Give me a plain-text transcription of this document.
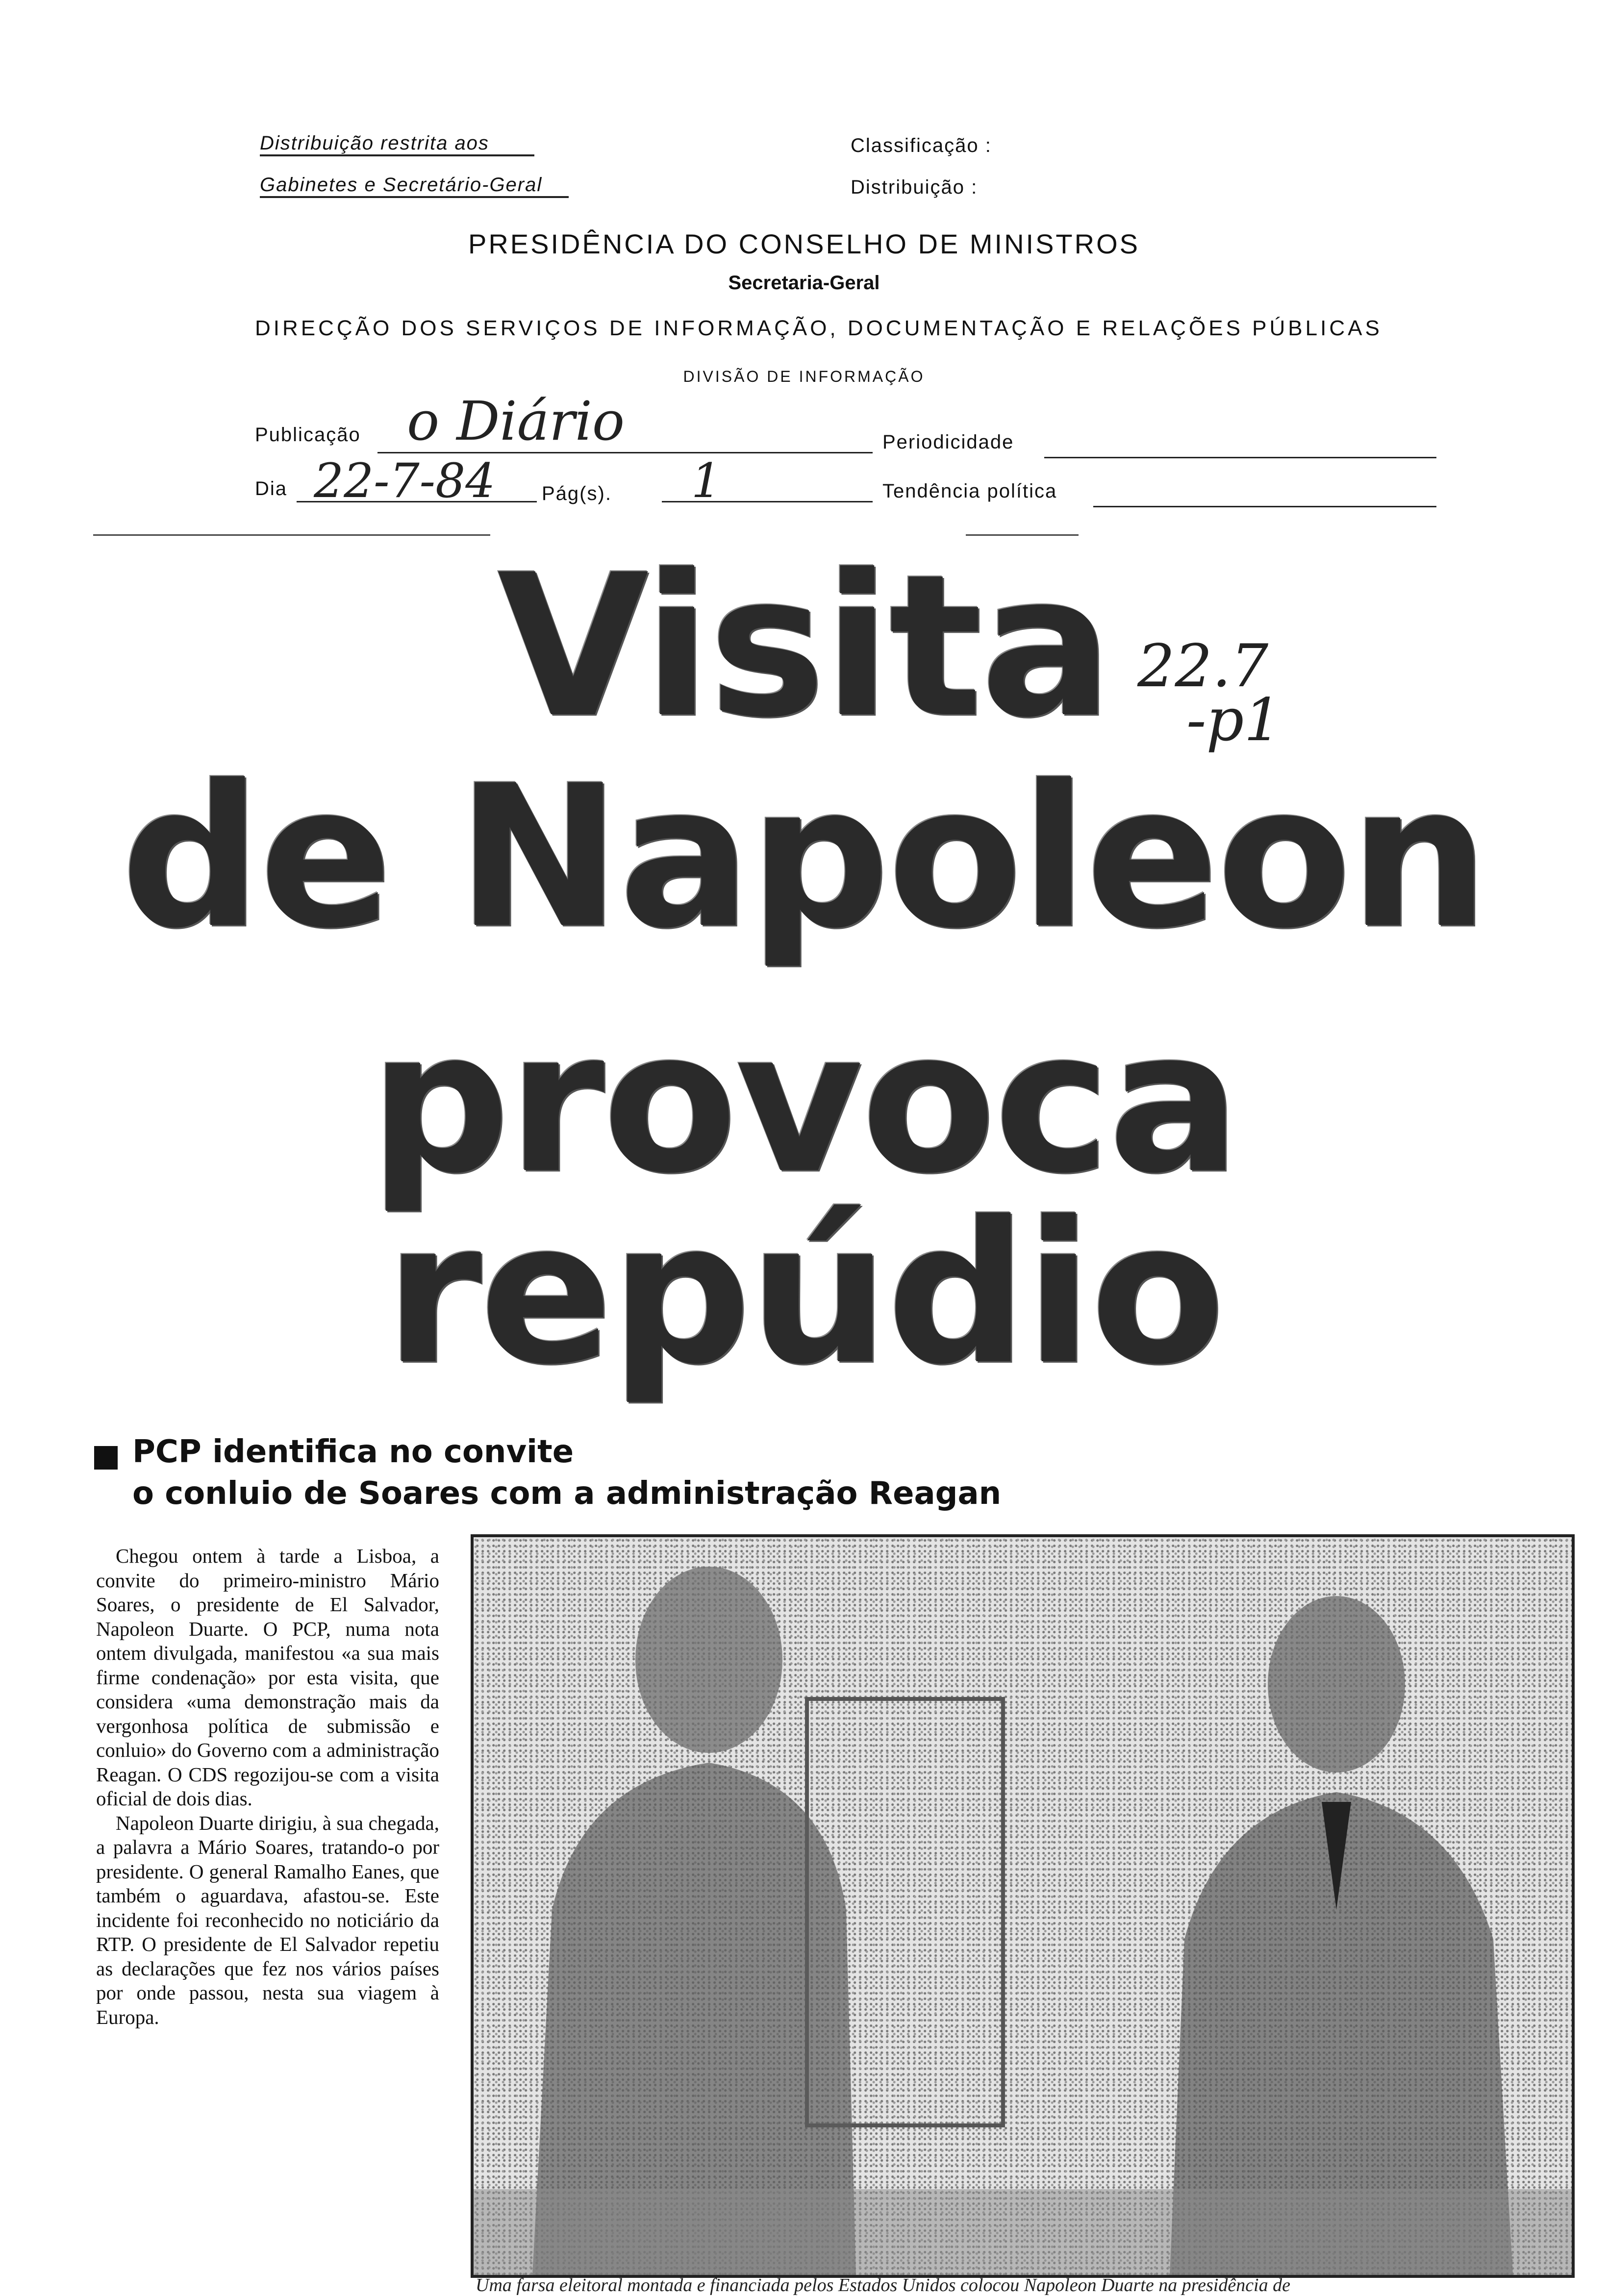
Distribuição restrita aos
Gabinetes e Secretário-Geral
Classificação :
Distribuição :
PRESIDÊNCIA DO CONSELHO DE MINISTROS
Secretaria-Geral
DIRECÇÃO DOS SERVIÇOS DE INFORMAÇÃO, DOCUMENTAÇÃO E RELAÇÕES PÚBLICAS
DIVISÃO DE INFORMAÇÃO
Publicação o Diário	Periodicidade
Dia 22-7-84 Pág(s). 1	Tendência política
22.7
-p1
Visita
de Napoleon
provoca
repúdio
PCP identifica no convite
o conluio de Soares com a administração Reagan

Chegou ontem à tarde a Lisboa, a convite do primeiro-ministro Mário Soares, o presidente de El Salvador, Napoleon Duarte. O PCP, numa nota ontem divulgada, manifestou «a sua mais firme condenação» por esta visita, que considera «uma demonstração mais da vergonhosa política de submissão e conluio» do Governo com a administração Reagan. O CDS regozijou-se com a visita oficial de dois dias.

Napoleon Duarte dirigiu, à sua chegada, a palavra a Mário Soares, tratando-o por presidente. O general Ramalho Eanes, que também o aguardava, afastou-se. Este incidente foi reconhecido no noticiário da RTP. O presidente de El Salvador repetiu as declarações que fez nos vários países por onde passou, nesta sua viagem à Europa.

Uma farsa eleitoral montada e financiada pelos Estados Unidos colocou Napoleon Duarte na presidência de
